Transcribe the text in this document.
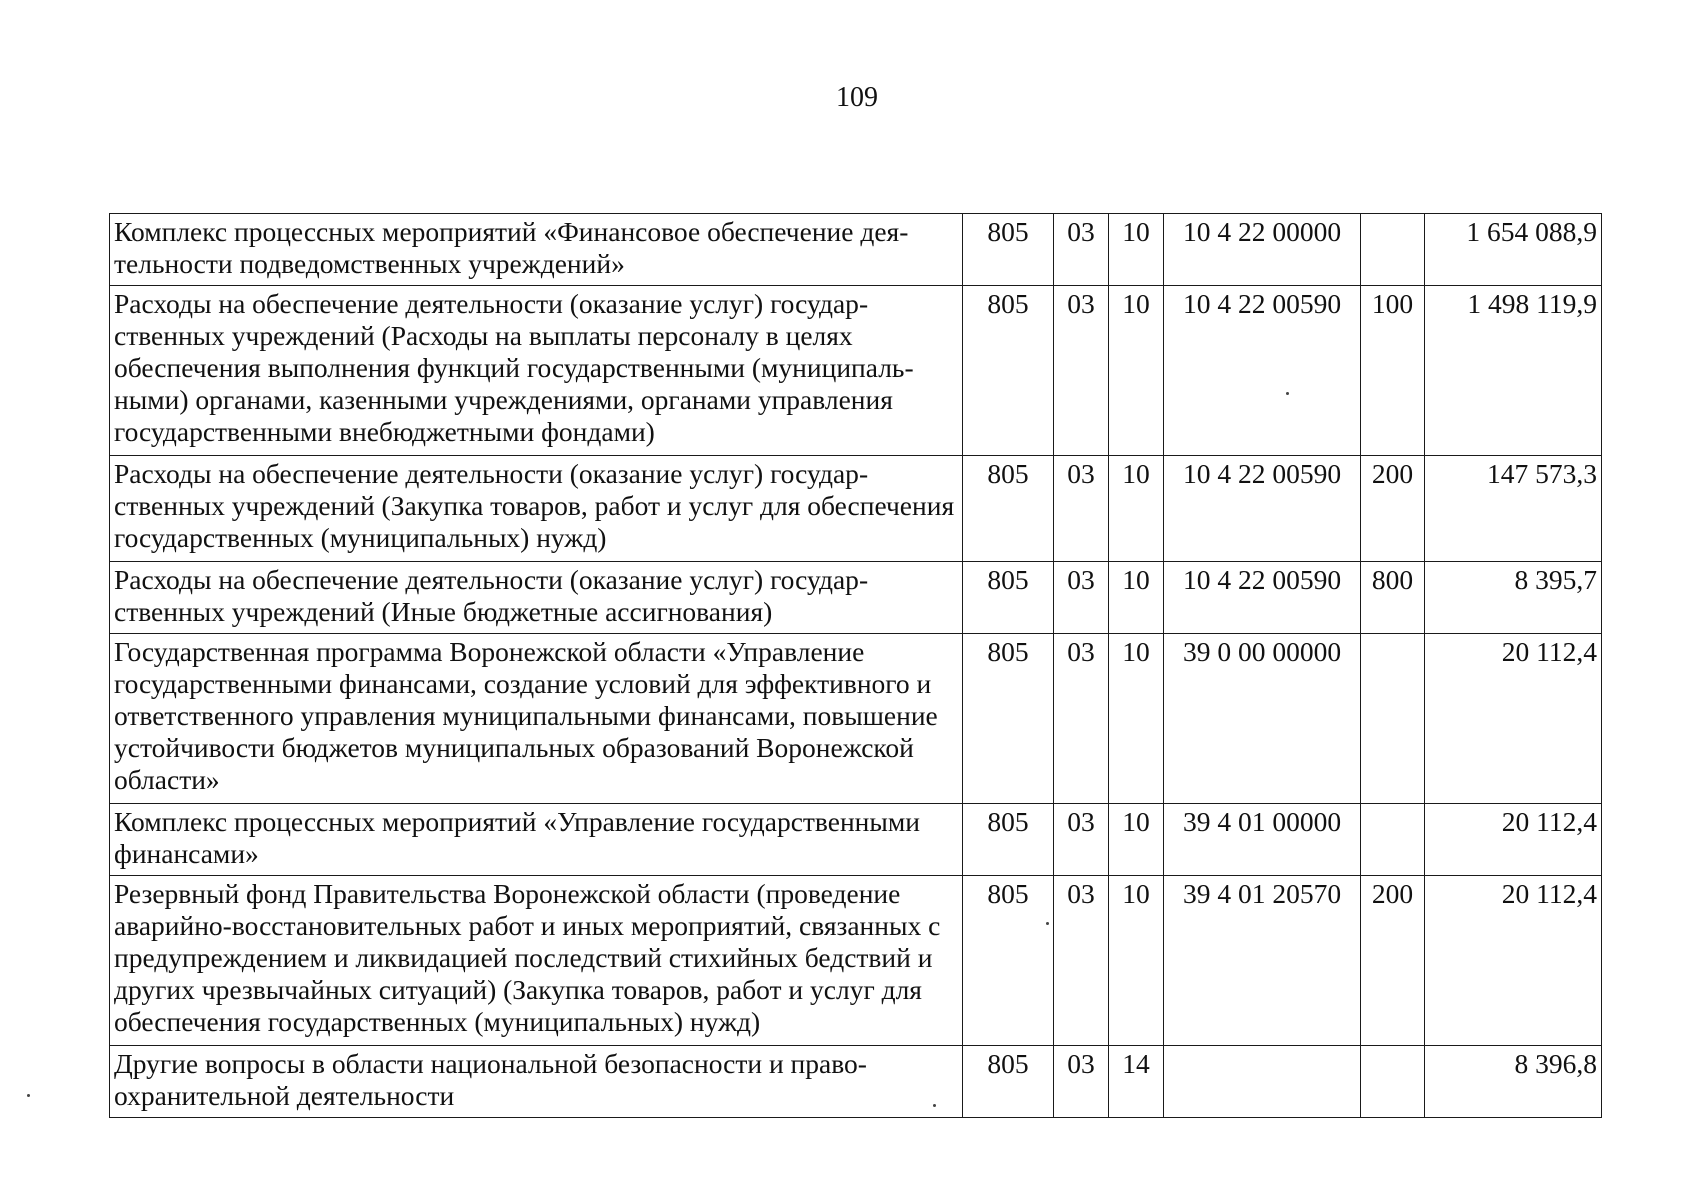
109
Комплекс процессных мероприятий «Финансовое обеспечение деятельности подведомственных учреждений»	805	03	10	10 4 22 00000		1 654 088,9
Расходы на обеспечение деятельности (оказание услуг) государственных учреждений (Расходы на выплаты персоналу в целях обеспечения выполнения функций государственными (муниципальными) органами, казенными учреждениями, органами управления государственными внебюджетными фондами)	805	03	10	10 4 22 00590	100	1 498 119,9
Расходы на обеспечение деятельности (оказание услуг) государственных учреждений (Закупка товаров, работ и услуг для обеспечения государственных (муниципальных) нужд)	805	03	10	10 4 22 00590	200	147 573,3
Расходы на обеспечение деятельности (оказание услуг) государственных учреждений (Иные бюджетные ассигнования)	805	03	10	10 4 22 00590	800	8 395,7
Государственная программа Воронежской области «Управление государственными финансами, создание условий для эффективного и ответственного управления муниципальными финансами, повышение устойчивости бюджетов муниципальных образований Воронежской области»	805	03	10	39 0 00 00000		20 112,4
Комплекс процессных мероприятий «Управление государственными финансами»	805	03	10	39 4 01 00000		20 112,4
Резервный фонд Правительства Воронежской области (проведение аварийно-восстановительных работ и иных мероприятий, связанных с предупреждением и ликвидацией последствий стихийных бедствий и других чрезвычайных ситуаций) (Закупка товаров, работ и услуг для обеспечения государственных (муниципальных) нужд)	805	03	10	39 4 01 20570	200	20 112,4
Другие вопросы в области национальной безопасности и правоохранительной деятельности	805	03	14			8 396,8
